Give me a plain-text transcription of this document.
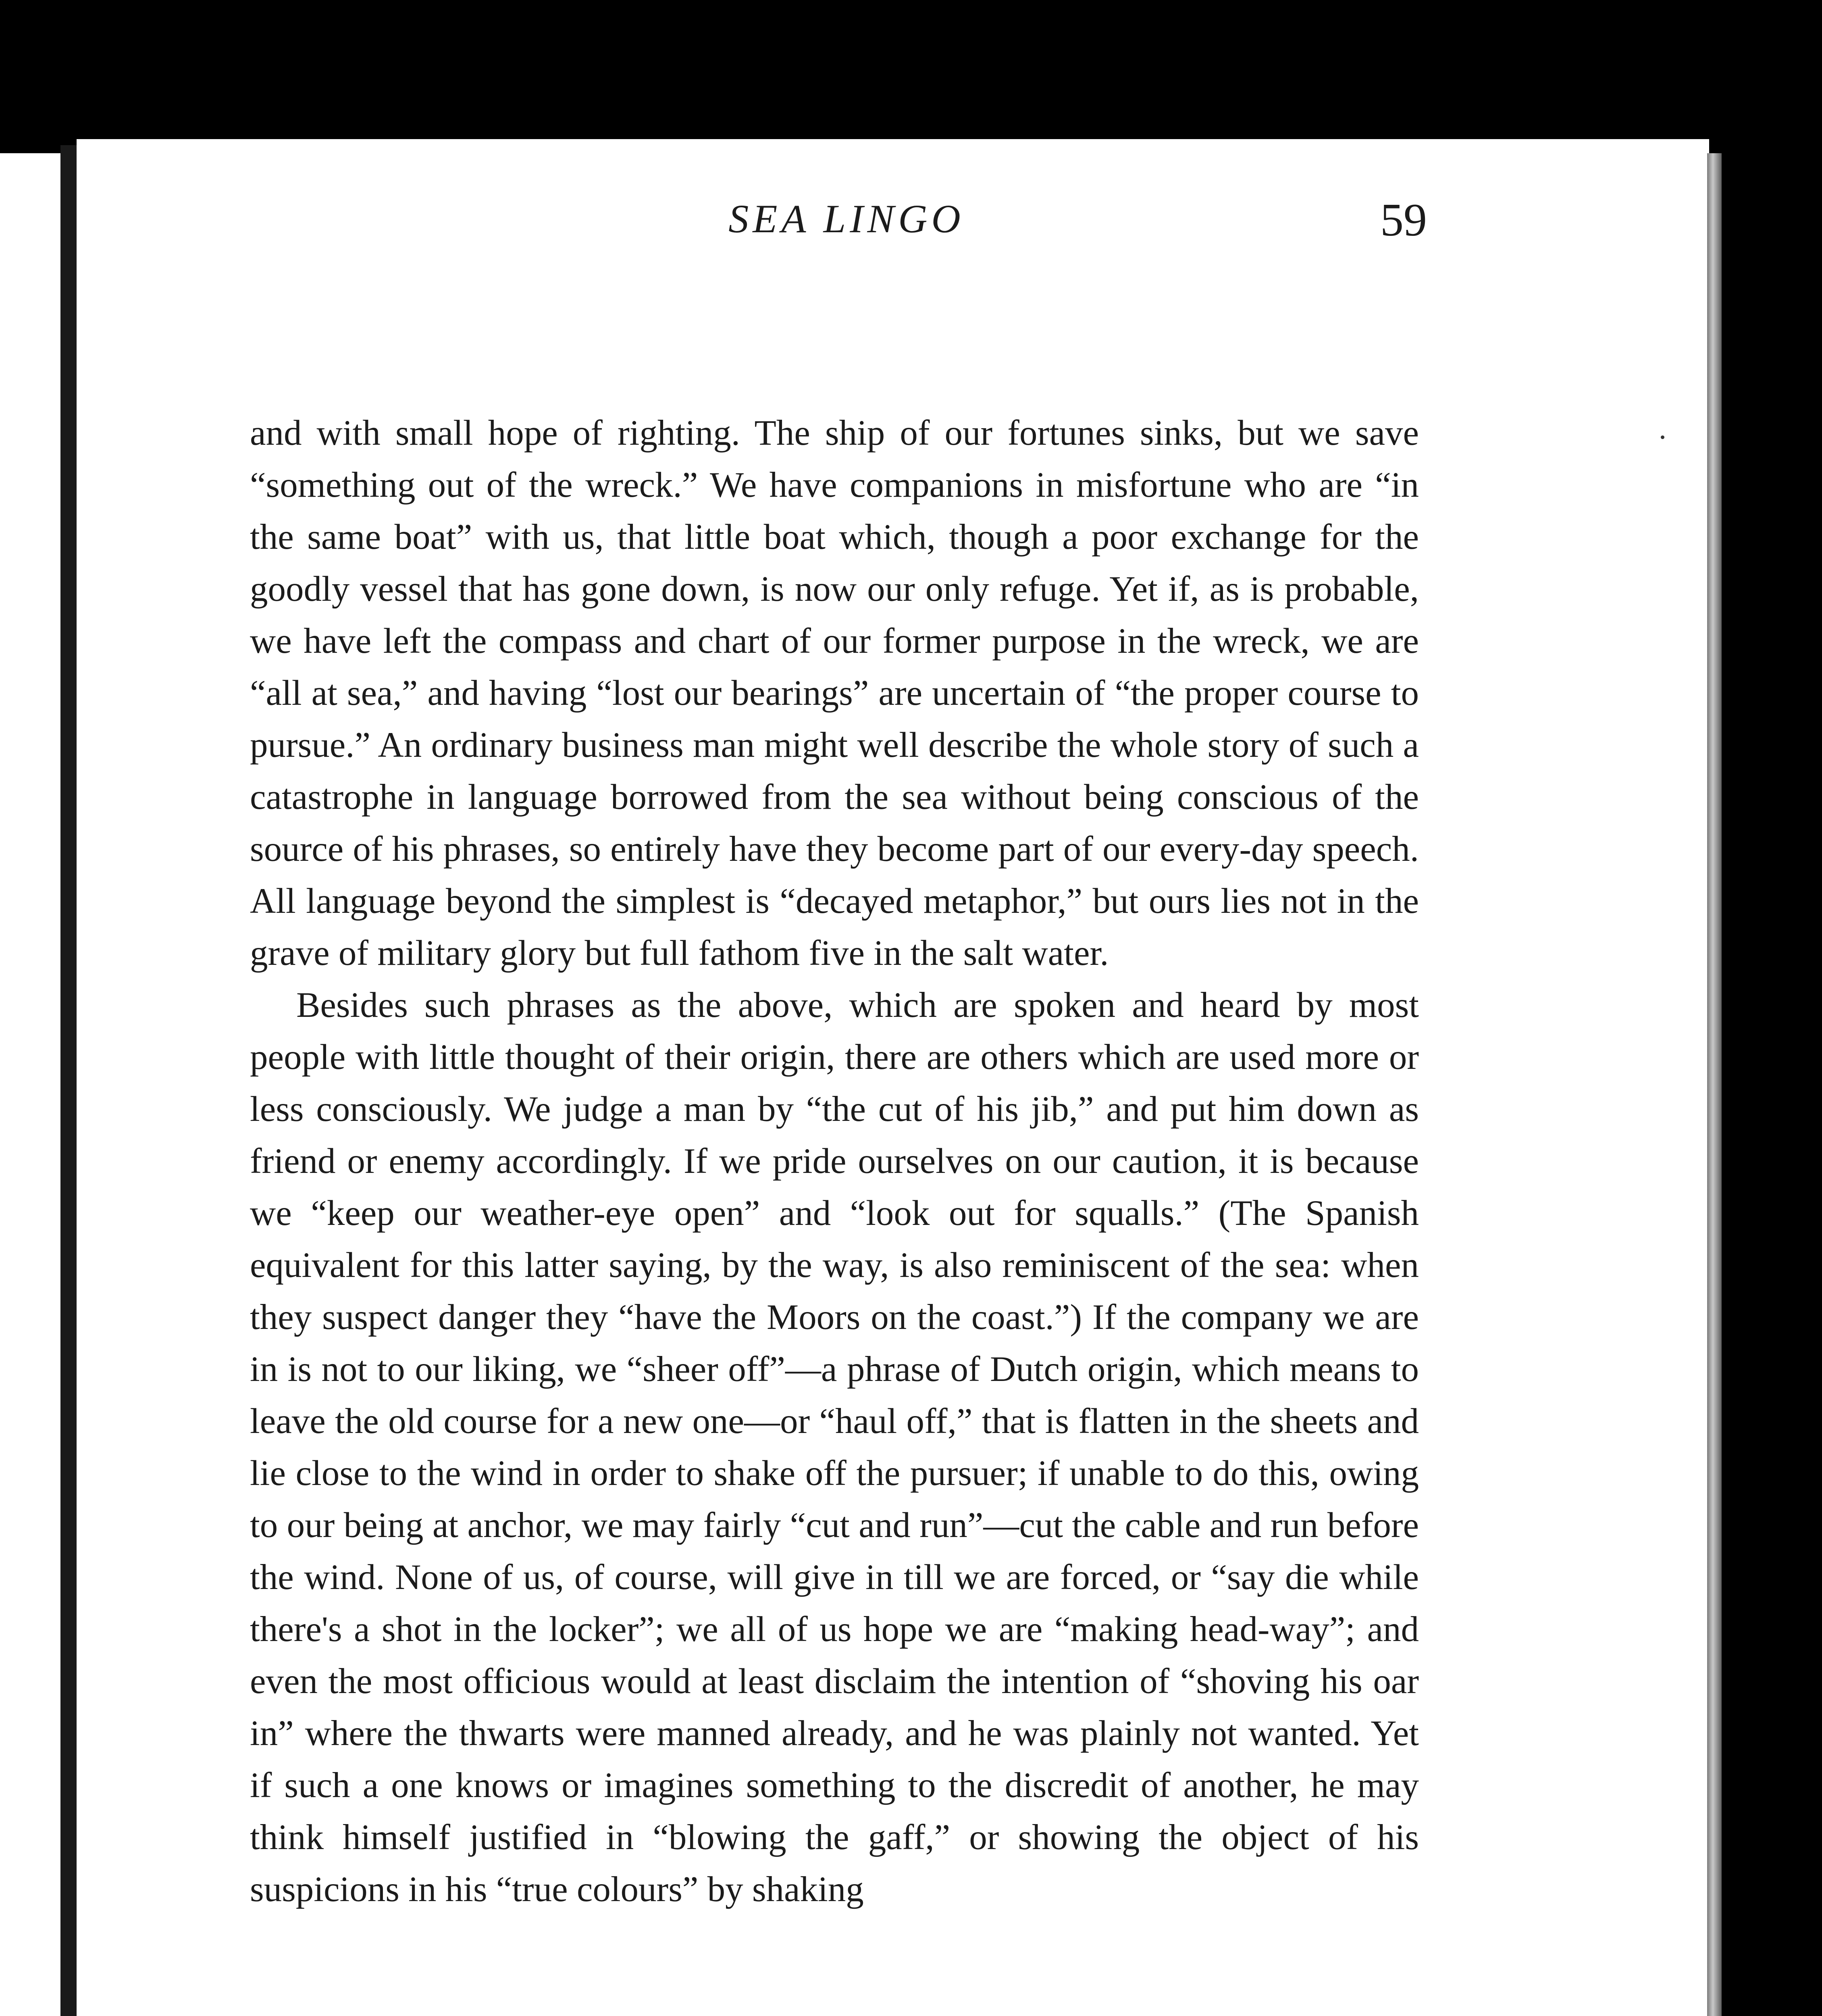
SEA LINGO	59

and with small hope of righting. The ship of our fortunes sinks, but we save “something out of the wreck.” We have companions in misfortune who are “in the same boat” with us, that little boat which, though a poor exchange for the goodly vessel that has gone down, is now our only refuge. Yet if, as is probable, we have left the compass and chart of our former purpose in the wreck, we are “all at sea,” and having “lost our bearings” are uncertain of “the proper course to pursue.” An ordinary business man might well describe the whole story of such a catastrophe in language borrowed from the sea without being conscious of the source of his phrases, so entirely have they become part of our every-day speech. All language beyond the simplest is “decayed metaphor,” but ours lies not in the grave of military glory but full fathom five in the salt water.

Besides such phrases as the above, which are spoken and heard by most people with little thought of their origin, there are others which are used more or less consciously. We judge a man by “the cut of his jib,” and put him down as friend or enemy accordingly. If we pride ourselves on our caution, it is because we “keep our weather-eye open” and “look out for squalls.” (The Spanish equivalent for this latter saying, by the way, is also reminiscent of the sea: when they suspect danger they “have the Moors on the coast.”) If the company we are in is not to our liking, we “sheer off”—a phrase of Dutch origin, which means to leave the old course for a new one—or “haul off,” that is flatten in the sheets and lie close to the wind in order to shake off the pursuer; if unable to do this, owing to our being at anchor, we may fairly “cut and run”—cut the cable and run before the wind. None of us, of course, will give in till we are forced, or “say die while there's a shot in the locker”; we all of us hope we are “making head-way”; and even the most officious would at least disclaim the intention of “shoving his oar in” where the thwarts were manned already, and he was plainly not wanted. Yet if such a one knows or imagines something to the discredit of another, he may think himself justified in “blowing the gaff,” or showing the object of his suspicions in his “true colours” by shaking
